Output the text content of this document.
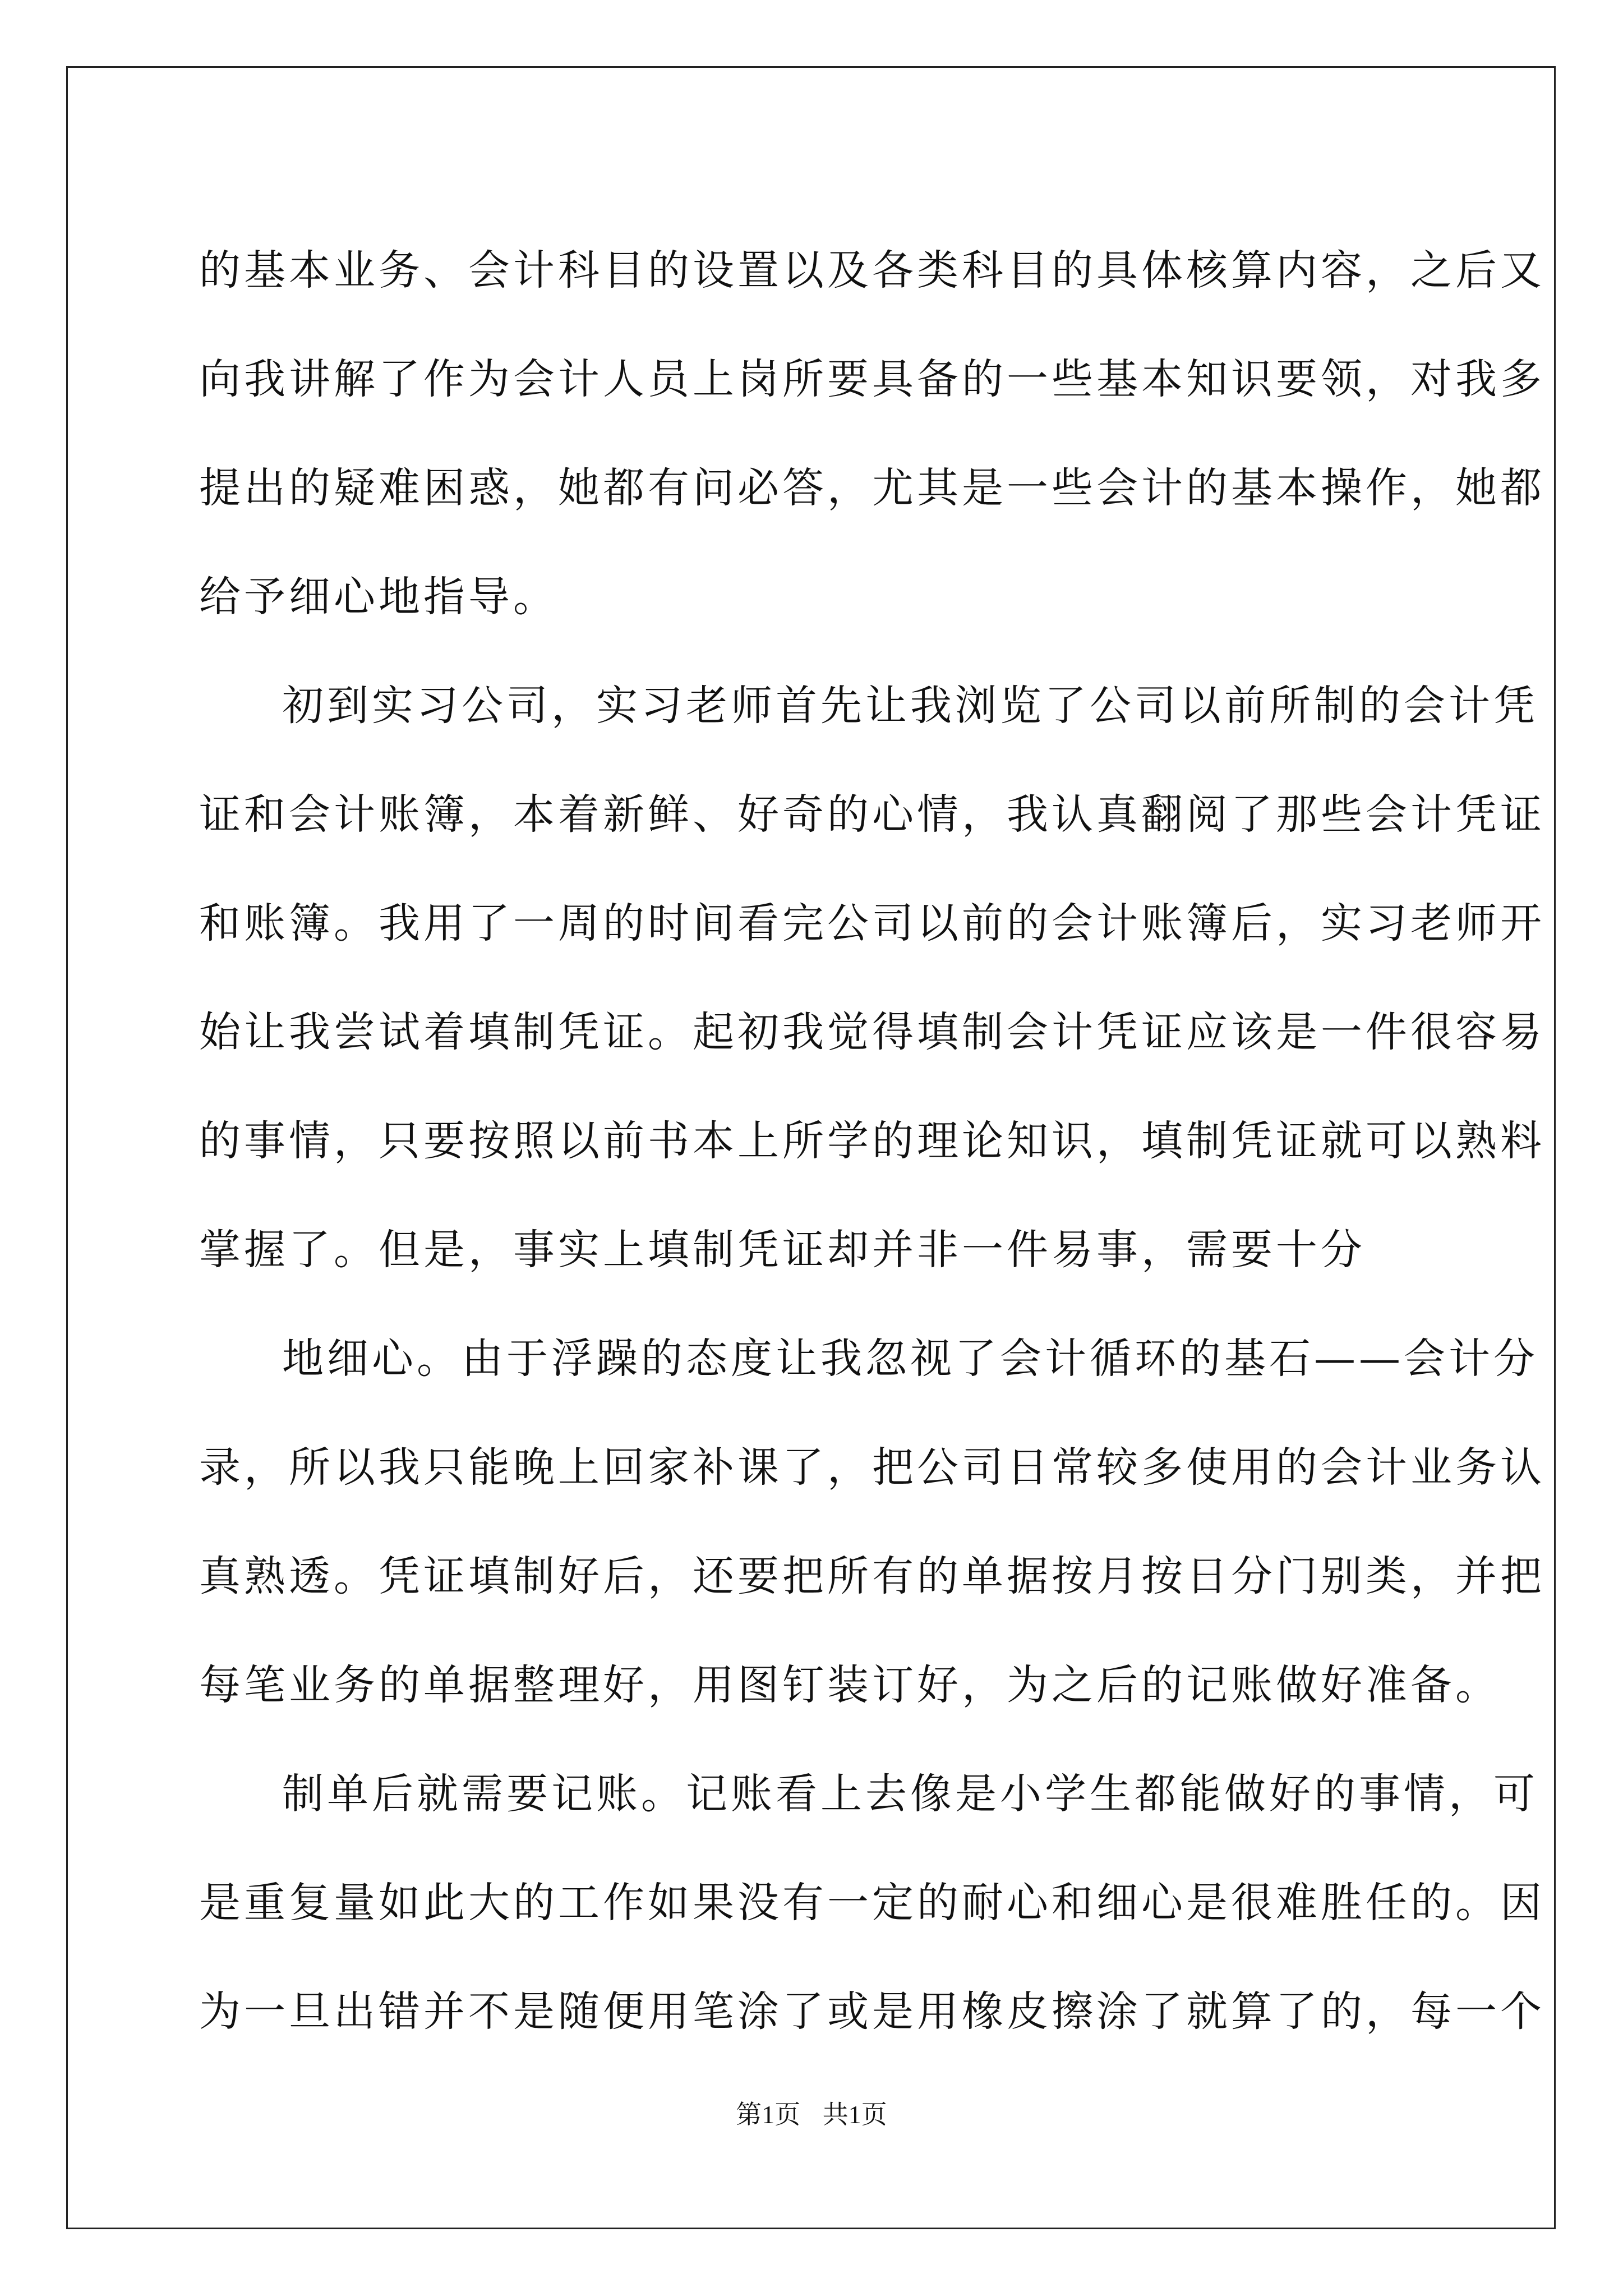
的基本业务、会计科目的设置以及各类科目的具体核算内容，之后又
向我讲解了作为会计人员上岗所要具备的一些基本知识要领，对我多
提出的疑难困惑，她都有问必答，尤其是一些会计的基本操作，她都
给予细心地指导。
初到实习公司，实习老师首先让我浏览了公司以前所制的会计凭
证和会计账簿，本着新鲜、好奇的心情，我认真翻阅了那些会计凭证
和账簿。我用了一周的时间看完公司以前的会计账簿后，实习老师开
始让我尝试着填制凭证。起初我觉得填制会计凭证应该是一件很容易
的事情，只要按照以前书本上所学的理论知识，填制凭证就可以熟料
掌握了。但是，事实上填制凭证却并非一件易事，需要十分
地细心。由于浮躁的态度让我忽视了会计循环的基石——会计分
录，所以我只能晚上回家补课了，把公司日常较多使用的会计业务认
真熟透。凭证填制好后，还要把所有的单据按月按日分门别类，并把
每笔业务的单据整理好，用图钉装订好，为之后的记账做好准备。
制单后就需要记账。记账看上去像是小学生都能做好的事情，可
是重复量如此大的工作如果没有一定的耐心和细心是很难胜任的。因
为一旦出错并不是随便用笔涂了或是用橡皮擦涂了就算了的，每一个
第1页 共1页
